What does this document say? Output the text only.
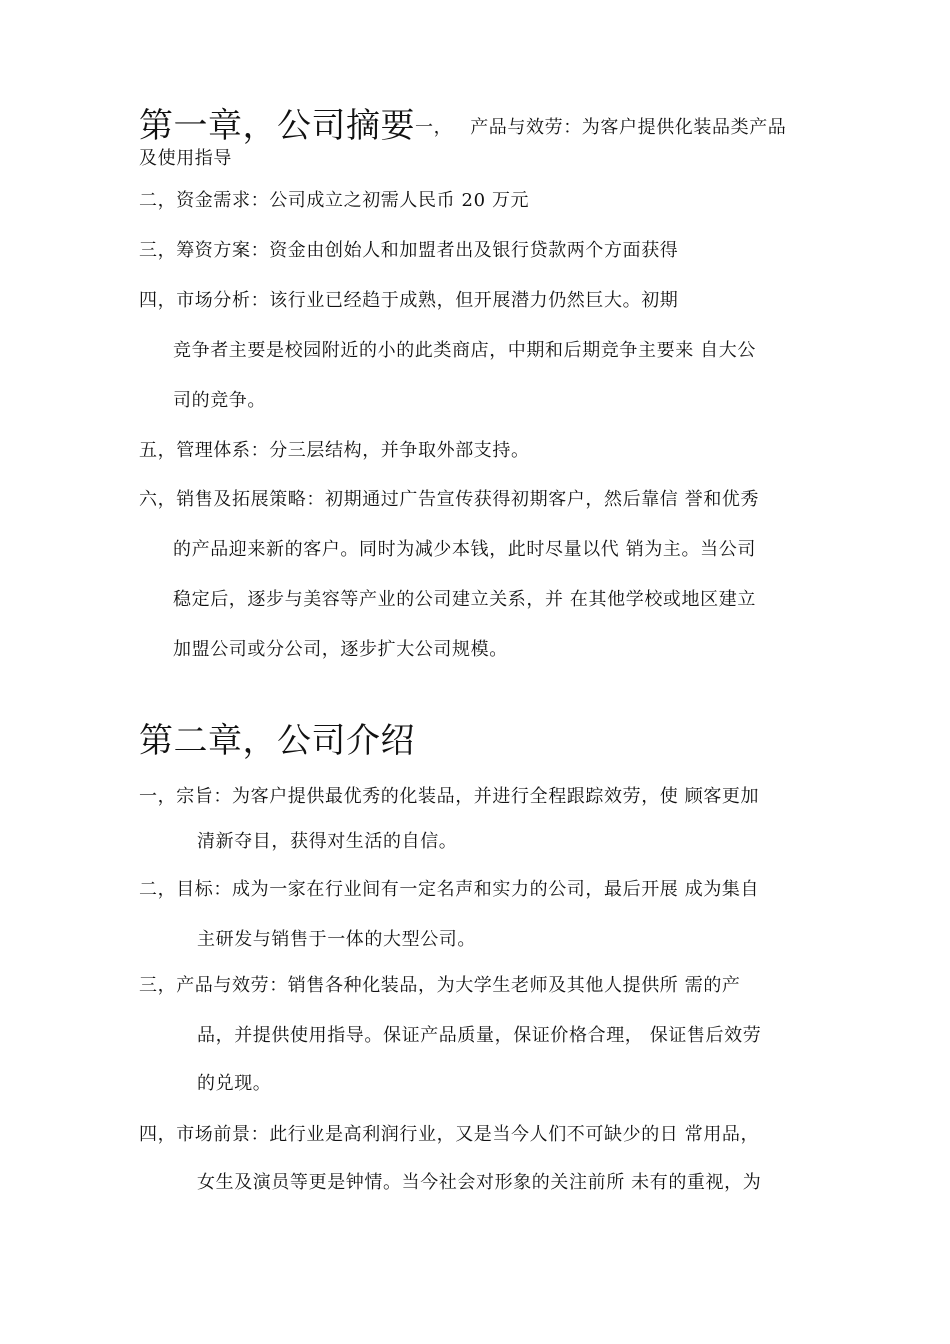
第一章，公司摘要一， 产品与效劳：为客户提供化装品类产品
及使用指导
二，资金需求：公司成立之初需人民币 20 万元
三，筹资方案：资金由创始人和加盟者出及银行贷款两个方面获得
四，市场分析：该行业已经趋于成熟，但开展潜力仍然巨大。初期
竞争者主要是校园附近的小的此类商店，中期和后期竞争主要来 自大公
司的竞争。
五，管理体系：分三层结构，并争取外部支持。
六，销售及拓展策略：初期通过广告宣传获得初期客户，然后靠信 誉和优秀
的产品迎来新的客户。同时为减少本钱，此时尽量以代 销为主。当公司
稳定后，逐步与美容等产业的公司建立关系，并 在其他学校或地区建立
加盟公司或分公司，逐步扩大公司规模。
第二章，公司介绍
一，宗旨：为客户提供最优秀的化装品，并进行全程跟踪效劳，使 顾客更加
清新夺目，获得对生活的自信。
二，目标：成为一家在行业间有一定名声和实力的公司，最后开展 成为集自
主研发与销售于一体的大型公司。
三，产品与效劳：销售各种化装品，为大学生老师及其他人提供所 需的产
品，并提供使用指导。保证产品质量，保证价格合理， 保证售后效劳
的兑现。
四，市场前景：此行业是高利润行业，又是当今人们不可缺少的日 常用品，
女生及演员等更是钟情。当今社会对形象的关注前所 未有的重视，为
